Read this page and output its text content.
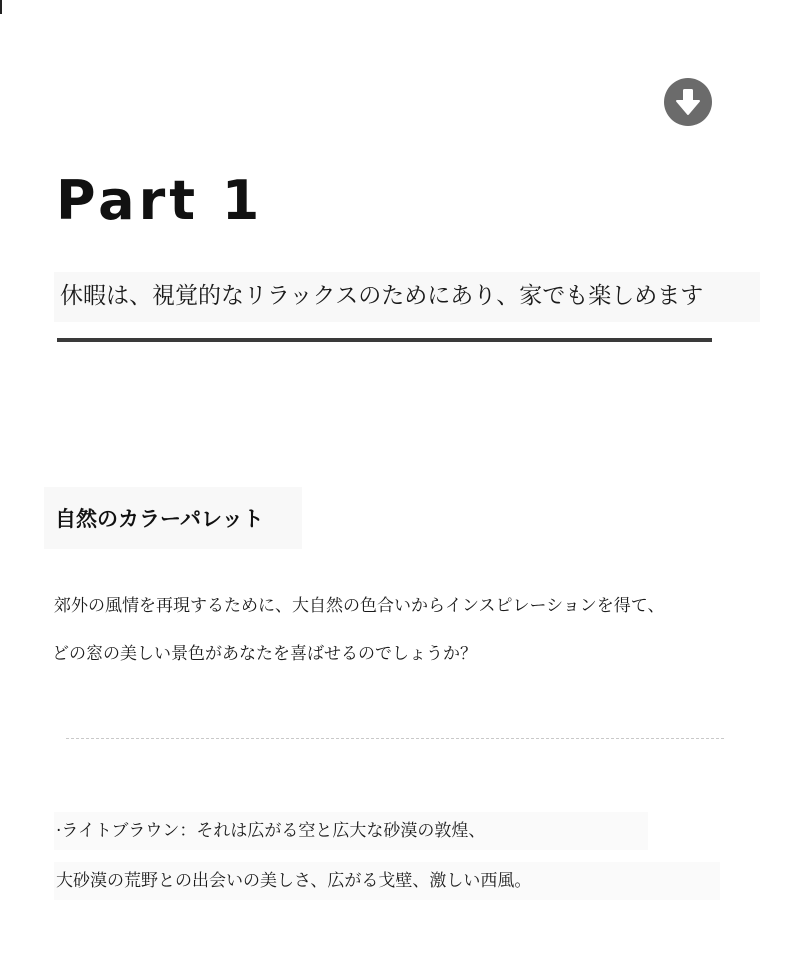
Part 1
休暇は、視覚的なリラックスのためにあり、家でも楽しめます
自然のカラーパレット

郊外の風情を再現するために、大自然の色合いからインスピレーションを得て、

どの窓の美しい景色があなたを喜ばせるのでしょうか？

·ライトブラウン：それは広がる空と広大な砂漠の敦煌、

大砂漠の荒野との出会いの美しさ、広がる戈壁、激しい西風。
